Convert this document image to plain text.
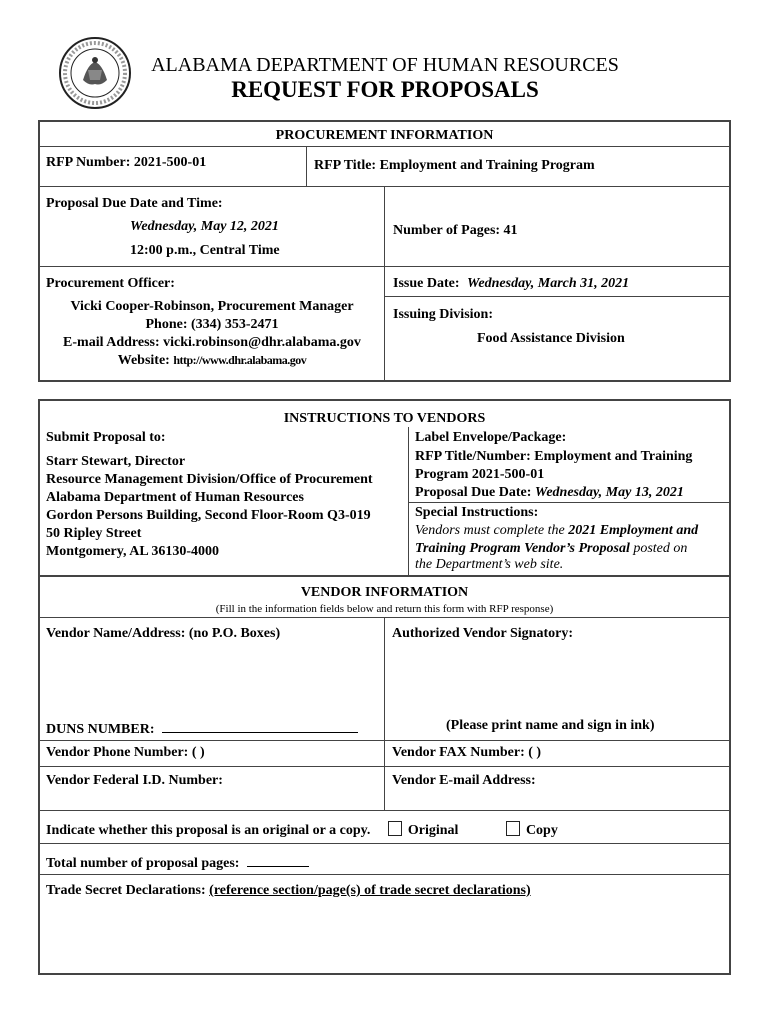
ALABAMA DEPARTMENT OF HUMAN RESOURCES
REQUEST FOR PROPOSALS
PROCUREMENT INFORMATION
RFP Number: 2021-500-01	RFP Title: Employment and Training Program
Proposal Due Date and Time:
Wednesday, May 12, 2021
12:00 p.m., Central Time
Number of Pages: 41
Procurement Officer:
Vicki Cooper-Robinson, Procurement Manager
Phone: (334) 353-2471
E-mail Address: vicki.robinson@dhr.alabama.gov
Website: http://www.dhr.alabama.gov
Issue Date: Wednesday, March 31, 2021
Issuing Division:
Food Assistance Division
INSTRUCTIONS TO VENDORS
Submit Proposal to:
Starr Stewart, Director
Resource Management Division/Office of Procurement
Alabama Department of Human Resources
Gordon Persons Building, Second Floor-Room Q3-019
50 Ripley Street
Montgomery, AL 36130-4000
Label Envelope/Package:
RFP Title/Number: Employment and Training
Program 2021-500-01
Proposal Due Date: Wednesday, May 13, 2021
Special Instructions:
Vendors must complete the 2021 Employment and
Training Program Vendor’s Proposal posted on
the Department’s web site.
VENDOR INFORMATION
(Fill in the information fields below and return this form with RFP response)
Vendor Name/Address: (no P.O. Boxes)	Authorized Vendor Signatory:
DUNS NUMBER:	(Please print name and sign in ink)
Vendor Phone Number: ( )	Vendor FAX Number: ( )
Vendor Federal I.D. Number:	Vendor E-mail Address:
Indicate whether this proposal is an original or a copy.	Original	Copy
Total number of proposal pages:
Trade Secret Declarations: (reference section/page(s) of trade secret declarations)
